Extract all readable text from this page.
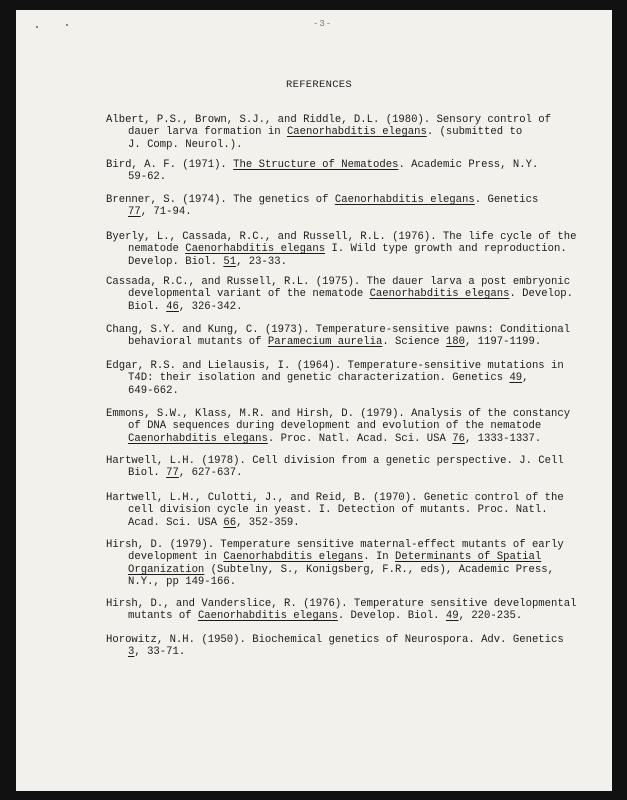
-3-
REFERENCES
Albert, P.S., Brown, S.J., and Riddle, D.L. (1980). Sensory control of
dauer larva formation in Caenorhabditis elegans. (submitted to
J. Comp. Neurol.).
Bird, A. F. (1971). The Structure of Nematodes. Academic Press, N.Y.
59-62.
Brenner, S. (1974). The genetics of Caenorhabditis elegans. Genetics
77, 71-94.
Byerly, L., Cassada, R.C., and Russell, R.L. (1976). The life cycle of the
nematode Caenorhabditis elegans I. Wild type growth and reproduction.
Develop. Biol. 51, 23-33.
Cassada, R.C., and Russell, R.L. (1975). The dauer larva a post embryonic
developmental variant of the nematode Caenorhabditis elegans. Develop.
Biol. 46, 326-342.
Chang, S.Y. and Kung, C. (1973). Temperature-sensitive pawns: Conditional
behavioral mutants of Paramecium aurelia. Science 180, 1197-1199.
Edgar, R.S. and Lielausis, I. (1964). Temperature-sensitive mutations in
T4D: their isolation and genetic characterization. Genetics 49,
649-662.
Emmons, S.W., Klass, M.R. and Hirsh, D. (1979). Analysis of the constancy
of DNA sequences during development and evolution of the nematode
Caenorhabditis elegans. Proc. Natl. Acad. Sci. USA 76, 1333-1337.
Hartwell, L.H. (1978). Cell division from a genetic perspective. J. Cell
Biol. 77, 627-637.
Hartwell, L.H., Culotti, J., and Reid, B. (1970). Genetic control of the
cell division cycle in yeast. I. Detection of mutants. Proc. Natl.
Acad. Sci. USA 66, 352-359.
Hirsh, D. (1979). Temperature sensitive maternal-effect mutants of early
development in Caenorhabditis elegans. In Determinants of Spatial
Organization (Subtelny, S., Konigsberg, F.R., eds), Academic Press,
N.Y., pp 149-166.
Hirsh, D., and Vanderslice, R. (1976). Temperature sensitive developmental
mutants of Caenorhabditis elegans. Develop. Biol. 49, 220-235.
Horowitz, N.H. (1950). Biochemical genetics of Neurospora. Adv. Genetics
3, 33-71.
